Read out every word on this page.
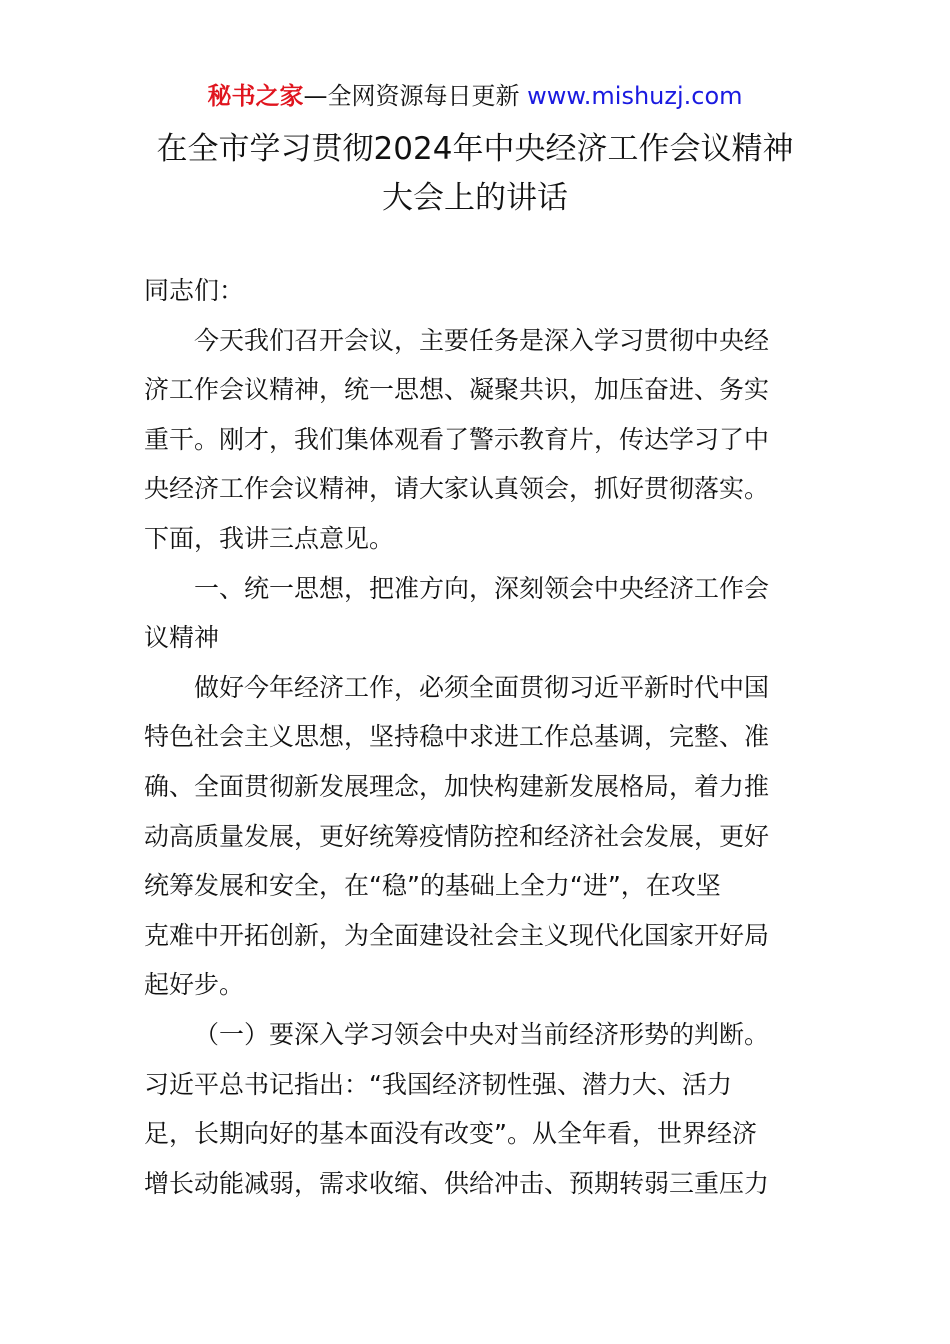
秘书之家—全网资源每日更新 www.mishuzj.com
在全市学习贯彻2024年中央经济工作会议精神
大会上的讲话

同志们：

今天我们召开会议，主要任务是深入学习贯彻中央经

济工作会议精神，统一思想、凝聚共识，加压奋进、务实

重干。刚才，我们集体观看了警示教育片，传达学习了中

央经济工作会议精神，请大家认真领会，抓好贯彻落实。

下面，我讲三点意见。

一、统一思想，把准方向，深刻领会中央经济工作会

议精神

做好今年经济工作，必须全面贯彻习近平新时代中国

特色社会主义思想，坚持稳中求进工作总基调，完整、准

确、全面贯彻新发展理念，加快构建新发展格局，着力推

动高质量发展，更好统筹疫情防控和经济社会发展，更好

统筹发展和安全，在“稳”的基础上全力“进”，在攻坚

克难中开拓创新，为全面建设社会主义现代化国家开好局

起好步。

（一）要深入学习领会中央对当前经济形势的判断。

习近平总书记指出：“我国经济韧性强、潜力大、活力

足，长期向好的基本面没有改变”。从全年看，世界经济

增长动能减弱，需求收缩、供给冲击、预期转弱三重压力
